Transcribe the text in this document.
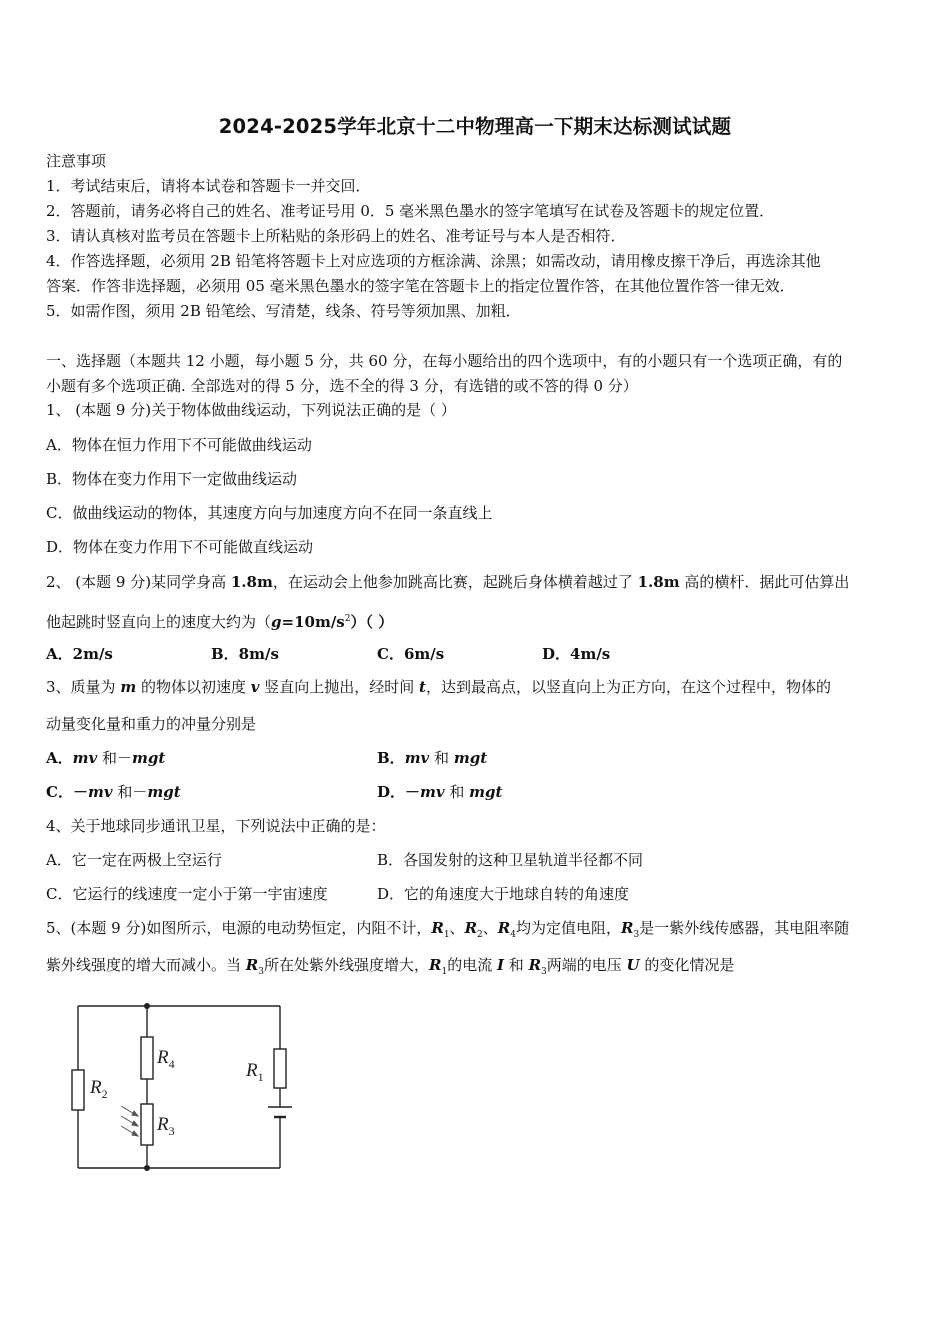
2024-2025学年北京十二中物理高一下期末达标测试试题
注意事项
1．考试结束后，请将本试卷和答题卡一并交回．
2．答题前，请务必将自己的姓名、准考证号用 0．5 毫米黑色墨水的签字笔填写在试卷及答题卡的规定位置．
3．请认真核对监考员在答题卡上所粘贴的条形码上的姓名、准考证号与本人是否相符．
4．作答选择题，必须用 2B 铅笔将答题卡上对应选项的方框涂满、涂黑；如需改动，请用橡皮擦干净后，再选涂其他
答案．作答非选择题，必须用 05 毫米黑色墨水的签字笔在答题卡上的指定位置作答，在其他位置作答一律无效．
5．如需作图，须用 2B 铅笔绘、写清楚，线条、符号等须加黑、加粗．
一、选择题（本题共 12 小题，每小题 5 分，共 60 分，在每小题给出的四个选项中，有的小题只有一个选项正确，有的
小题有多个选项正确. 全部选对的得 5 分，选不全的得 3 分，有选错的或不答的得 0 分）
1、 (本题 9 分)关于物体做曲线运动，下列说法正确的是（ ）
A．物体在恒力作用下不可能做曲线运动
B．物体在变力作用下一定做曲线运动
C．做曲线运动的物体，其速度方向与加速度方向不在同一条直线上
D．物体在变力作用下不可能做直线运动
2、 (本题 9 分)某同学身高 1.8m，在运动会上他参加跳高比赛，起跳后身体横着越过了 1.8m 高的横杆．据此可估算出
他起跳时竖直向上的速度大约为$(g=10m/s^2)$（ ）
A．2m/s	B．8m/s	C．6m/s	D．4m/s
3、质量为 m 的物体以初速度 v 竖直向上抛出，经时间 t，达到最高点，以竖直向上为正方向，在这个过程中，物体的
动量变化量和重力的冲量分别是
A．mv 和－mgt	B．mv 和 mgt
C．－mv 和－mgt	D．－mv 和 mgt
4、关于地球同步通讯卫星，下列说法中正确的是：
A．它一定在两极上空运行	B．各国发射的这种卫星轨道半径都不同
C．它运行的线速度一定小于第一宇宙速度	D．它的角速度大于地球自转的角速度
5、(本题 9 分)如图所示，电源的电动势恒定，内阻不计，$R_1$、$R_2$、$R_4$均为定值电阻，$R_3$是一紫外线传感器，其电阻率随
紫外线强度的增大而减小。当 $R_3$所在处紫外线强度增大，$R_1$的电流 I 和 $R_3$两端的电压 U 的变化情况是
$R_2$
$R_4$
$R_3$
$R_1$
